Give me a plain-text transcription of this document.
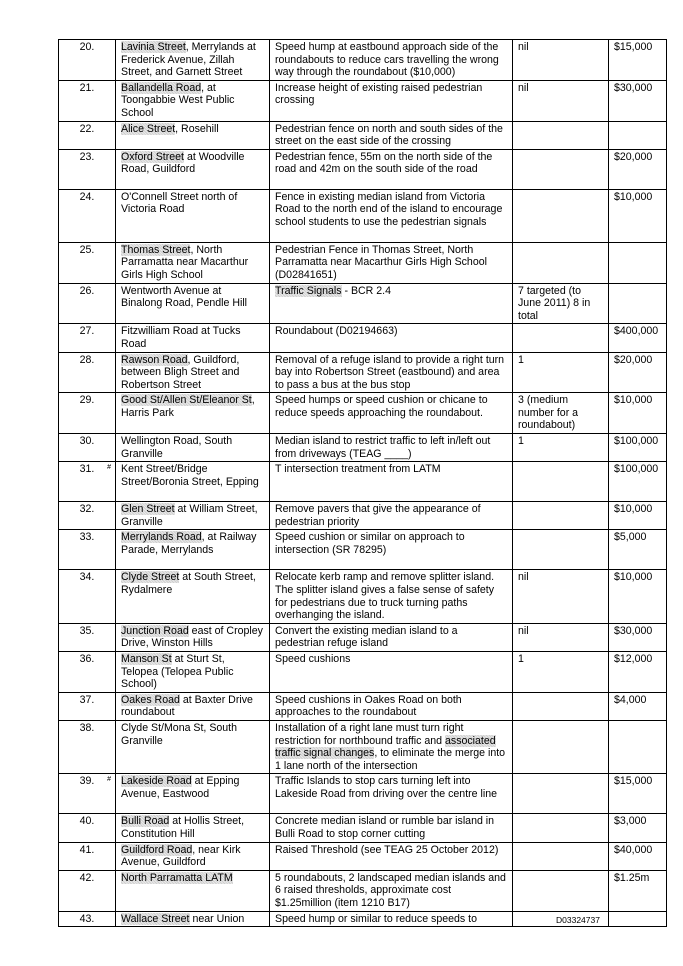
20.	Lavinia Street, Merrylands at Frederick Avenue, Zillah Street, and Garnett Street	Speed hump at eastbound approach side of the roundabouts to reduce cars travelling the wrong way through the roundabout ($10,000)	nil	$15,000
21.	Ballandella Road, at Toongabbie West Public School	Increase height of existing raised pedestrian crossing	nil	$30,000
22.	Alice Street, Rosehill	Pedestrian fence on north and south sides of the street on the east side of the crossing		
23.	Oxford Street at Woodville Road, Guildford	Pedestrian fence, 55m on the north side of the road and 42m on the south side of the road		$20,000
24.	O'Connell Street north of Victoria Road	Fence in existing median island from Victoria Road to the north end of the island to encourage school students to use the pedestrian signals		$10,000
25.	Thomas Street, North Parramatta near Macarthur Girls High School	Pedestrian Fence in Thomas Street, North Parramatta near Macarthur Girls High School (D02841651)		
26.	Wentworth Avenue at Binalong Road, Pendle Hill	Traffic Signals - BCR 2.4	7 targeted (to June 2011) 8 in total	
27.	Fitzwilliam Road at Tucks Road	Roundabout (D02194663)		$400,000
28.	Rawson Road, Guildford, between Bligh Street and Robertson Street	Removal of a refuge island to provide a right turn bay into Robertson Street (eastbound) and area to pass a bus at the bus stop	1	$20,000
29.	Good St/Allen St/Eleanor St, Harris Park	Speed humps or speed cushion or chicane to reduce speeds approaching the roundabout.	3 (medium number for a roundabout)	$10,000
30.	Wellington Road, South Granville	Median island to restrict traffic to left in/left out from driveways (TEAG ____)	1	$100,000
31. #	Kent Street/Bridge Street/Boronia Street, Epping	T intersection treatment from LATM		$100,000
32.	Glen Street at William Street, Granville	Remove pavers that give the appearance of pedestrian priority		$10,000
33.	Merrylands Road, at Railway Parade, Merrylands	Speed cushion or similar on approach to intersection (SR 78295)		$5,000
34.	Clyde Street at South Street, Rydalmere	Relocate kerb ramp and remove splitter island. The splitter island gives a false sense of safety for pedestrians due to truck turning paths overhanging the island.	nil	$10,000
35.	Junction Road east of Cropley Drive, Winston Hills	Convert the existing median island to a pedestrian refuge island	nil	$30,000
36.	Manson St at Sturt St, Telopea (Telopea Public School)	Speed cushions	1	$12,000
37.	Oakes Road at Baxter Drive roundabout	Speed cushions in Oakes Road on both approaches to the roundabout		$4,000
38.	Clyde St/Mona St, South Granville	Installation of a right lane must turn right restriction for northbound traffic and associated traffic signal changes, to eliminate the merge into 1 lane north of the intersection		
39. #	Lakeside Road at Epping Avenue, Eastwood	Traffic Islands to stop cars turning left into Lakeside Road from driving over the centre line		$15,000
40.	Bulli Road at Hollis Street, Constitution Hill	Concrete median island or rumble bar island in Bulli Road to stop corner cutting		$3,000
41.	Guildford Road, near Kirk Avenue, Guildford	Raised Threshold (see TEAG 25 October 2012)		$40,000
42.	North Parramatta LATM	5 roundabouts, 2 landscaped median islands and 6 raised thresholds, approximate cost $1.25million (item 1210 B17)		$1.25m
43.	Wallace Street near Union	Speed hump or similar to reduce speeds to			D03324737
